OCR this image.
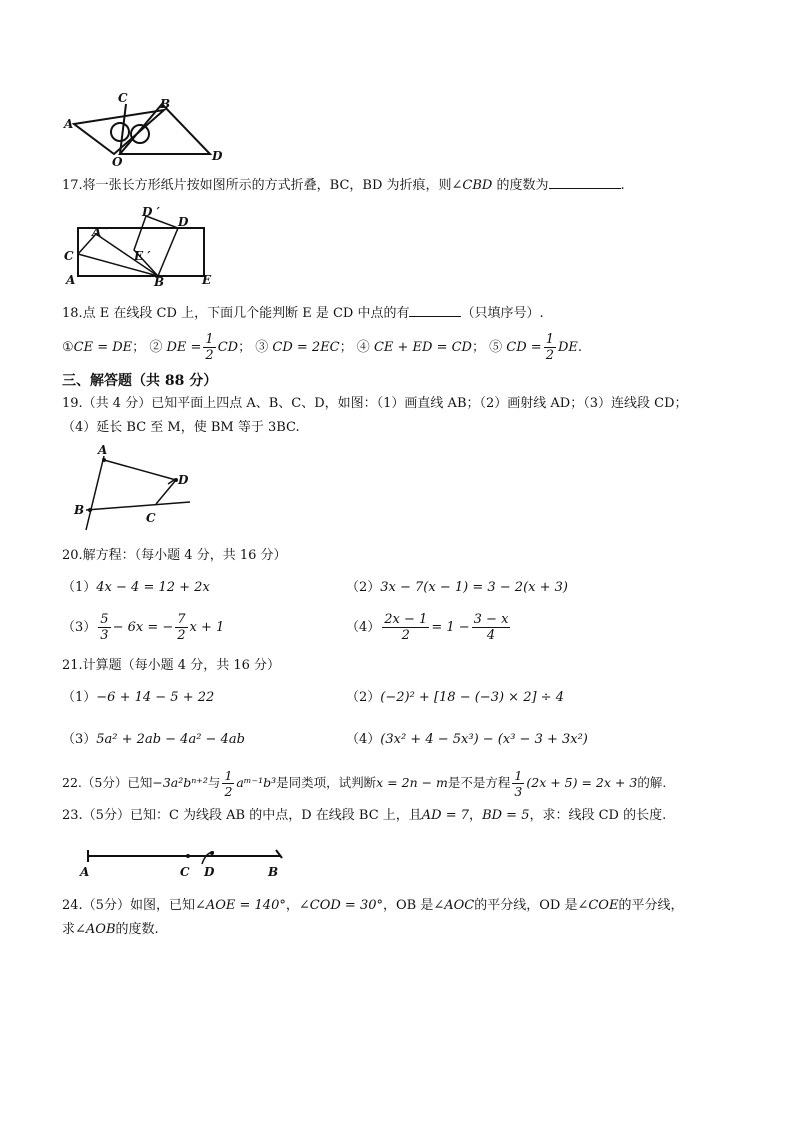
A
C	B
D
O
17.将一张长方形纸片按如图所示的方式折叠，BC，BD 为折痕，则∠CBD 的度数为	.
C
A ′
A
D ′
D
E ′
B	E
18.点 E 在线段 CD 上，下面几个能判断 E 是 CD 中点的有	（只填序号）.
①CE = DE； ② DE = $\frac{1}{2}$ CD； ③ CD = 2EC； ④ CE + ED = CD； ⑤ CD = $\frac{1}{2}$ DE.
三、解答题（共 88 分）
19.（共 4 分）已知平面上四点 A、B、C、D，如图：（1）画直线 AB；（2）画射线 AD；（3）连线段 CD；
（4）延长 BC 至 M，使 BM 等于 3BC.
A
D
B
C
20.解方程：（每小题 4 分，共 16 分）
（1）4x − 4 = 12 + 2x	（2）3x − 7(x − 1) = 3 − 2(x + 3)
$(3) \frac{5}{3} - 6x$ = − $\frac{7}{2}$ x + 1	$(4) \frac{2x - 1}{2} = 1 - \frac{3 - x}{4}$
21.计算题（每小题 4 分，共 16 分）
（1）−6 + 14 − 5 + 22	（2）(−2)² + [18 − (−3) × 2] ÷ 4
（3）5a² + 2ab − 4a² − 4ab	（4）(3x² + 4 − 5x³) − (x³ − 3 + 3x²)
22.（5分）已知−3a²bⁿ⁺²与 $\frac{1}{2}$ aᵐ⁻¹b³是同类项，试判断x = 2n − m是不是方程 $\frac{1}{3} (2x + 5) = 2x + 3$的解.
23.（5分）已知：C 为线段 AB 的中点，D 在线段 BC 上，且AD = 7，BD = 5，求：线段 CD 的长度.
A	C D	B
24.（5分）如图，已知∠AOE = 140°，∠COD = 30°，OB 是∠AOC的平分线，OD 是∠COE的平分线，
求∠AOB的度数.
